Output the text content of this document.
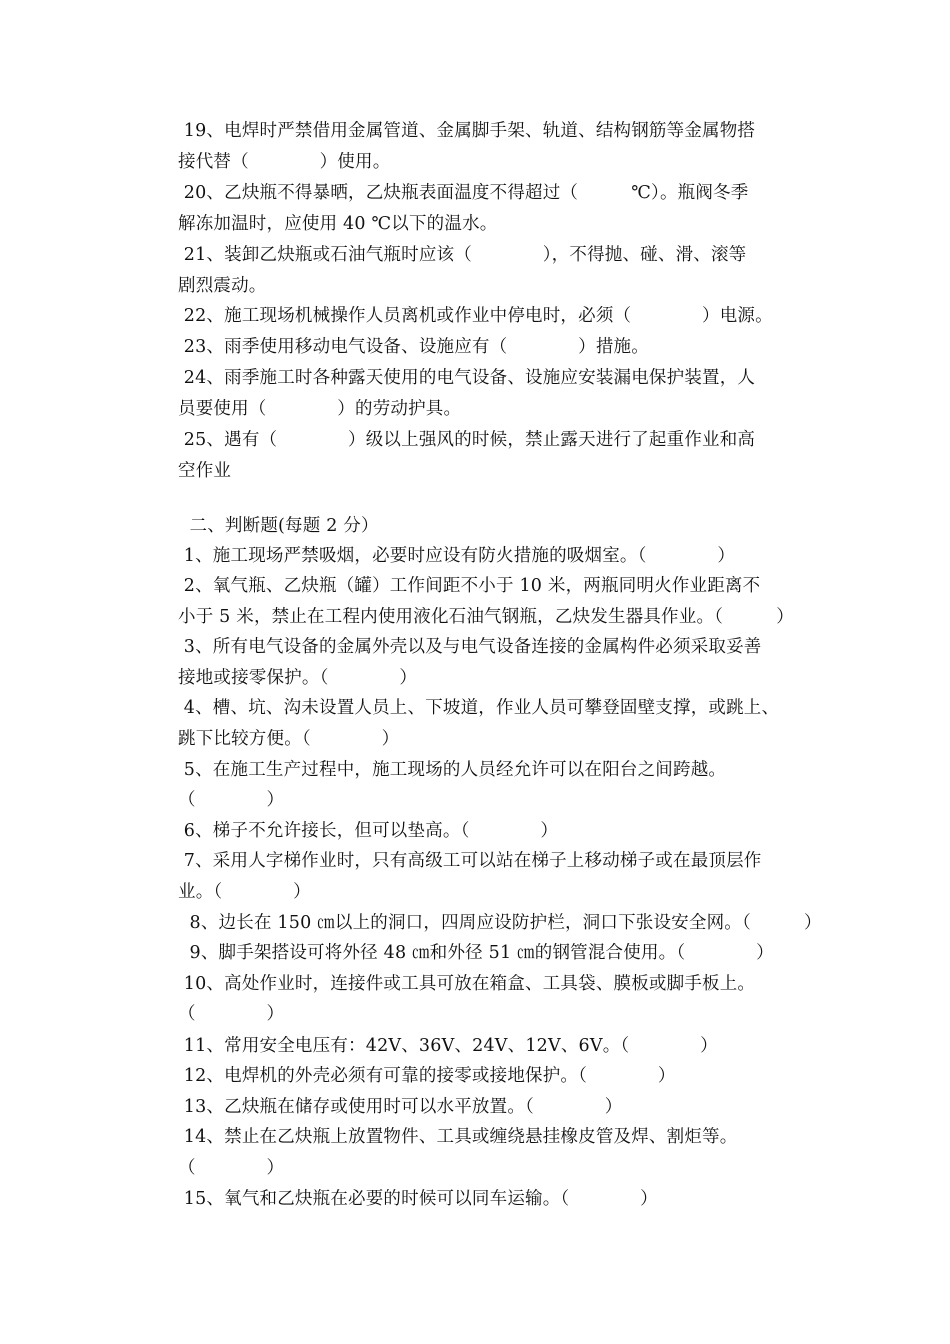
19、电焊时严禁借用金属管道、金属脚手架、轨道、结构钢筋等金属物搭
接代替（　　　　）使用。
20、乙炔瓶不得暴晒，乙炔瓶表面温度不得超过（　　　℃）。瓶阀冬季
解冻加温时，应使用 40 ℃以下的温水。
21、装卸乙炔瓶或石油气瓶时应该（　　　　），不得抛、碰、滑、滚等
剧烈震动。
22、施工现场机械操作人员离机或作业中停电时，必须（　　　　）电源。
23、雨季使用移动电气设备、设施应有（　　　　）措施。
24、雨季施工时各种露天使用的电气设备、设施应安装漏电保护装置，人
员要使用（　　　　）的劳动护具。
25、遇有（　　　　）级以上强风的时候，禁止露天进行了起重作业和高
空作业
二、判断题(每题 2 分）
1、施工现场严禁吸烟，必要时应设有防火措施的吸烟室。（　　　　）
2、氧气瓶、乙炔瓶（罐）工作间距不小于 10 米，两瓶同明火作业距离不
小于 5 米，禁止在工程内使用液化石油气钢瓶，乙炔发生器具作业。（　　　）
3、所有电气设备的金属外壳以及与电气设备连接的金属构件必须采取妥善
接地或接零保护。（　　　　）
4、槽、坑、沟未设置人员上、下坡道，作业人员可攀登固壁支撑，或跳上、
跳下比较方便。（　　　　）
5、在施工生产过程中，施工现场的人员经允许可以在阳台之间跨越。
（　　　　）
6、梯子不允许接长，但可以垫高。（　　　　）
7、采用人字梯作业时，只有高级工可以站在梯子上移动梯子或在最顶层作
业。（　　　　）
8、边长在 150 ㎝以上的洞口，四周应设防护栏，洞口下张设安全网。（　　　）
9、脚手架搭设可将外径 48 ㎝和外径 51 ㎝的钢管混合使用。（　　　　）
10、高处作业时，连接件或工具可放在箱盒、工具袋、膜板或脚手板上。
（　　　　）
11、常用安全电压有：42V、36V、24V、12V、6V。（　　　　）
12、电焊机的外壳必须有可靠的接零或接地保护。（　　　　）
13、乙炔瓶在储存或使用时可以水平放置。（　　　　）
14、禁止在乙炔瓶上放置物件、工具或缠绕悬挂橡皮管及焊、割炬等。
（　　　　）
15、氧气和乙炔瓶在必要的时候可以同车运输。（　　　　）
